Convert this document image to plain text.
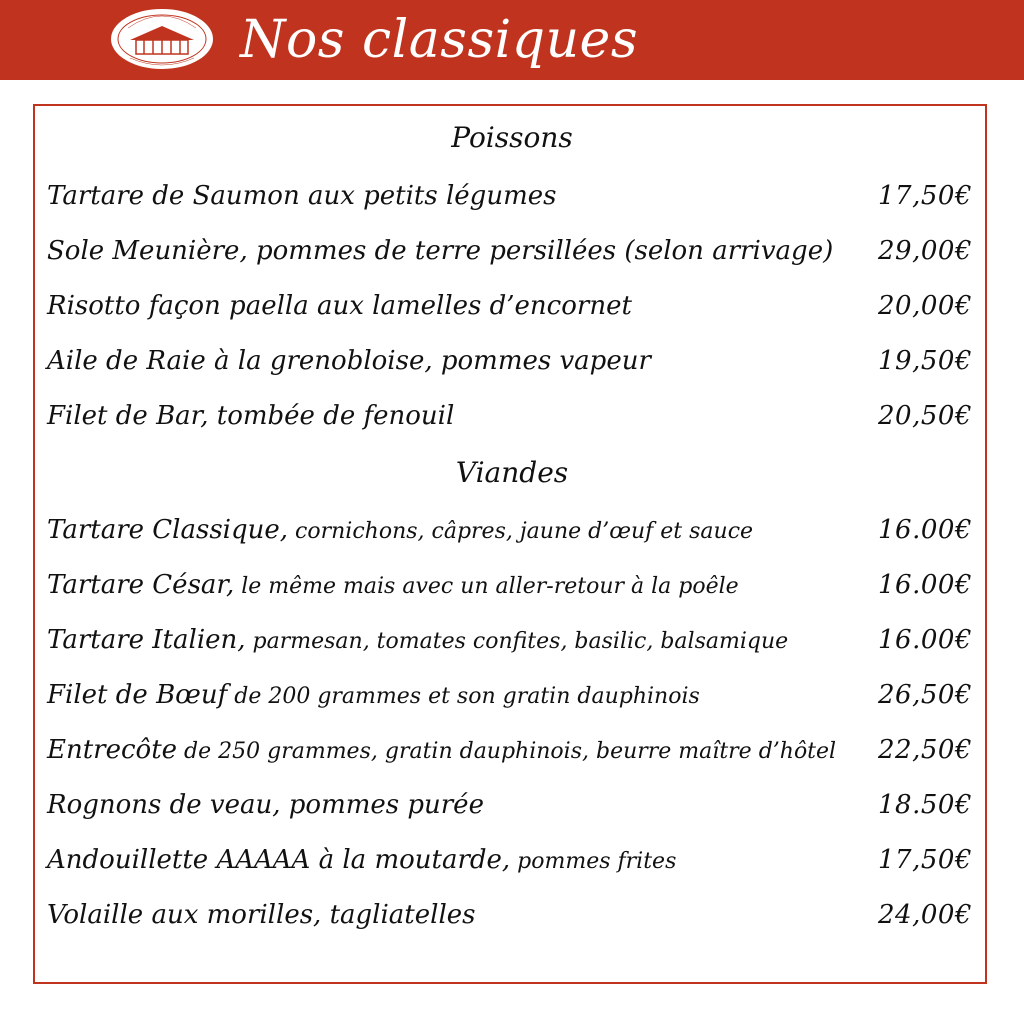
Nos classiques
Poissons
Tartare de Saumon aux petits légumes	17,50€
Sole Meunière, pommes de terre persillées (selon arrivage) 29,00€
Risotto façon paella aux lamelles d’encornet	20,00€
Aile de Raie à la grenobloise, pommes vapeur	19,50€
Filet de Bar, tombée de fenouil	20,50€
Viandes
Tartare Classique, cornichons, câpres, jaune d’œuf et sauce	16.00€
Tartare César, le même mais avec un aller-retour à la poêle	16.00€
Tartare Italien, parmesan, tomates confites, basilic, balsamique	16.00€
Filet de Bœuf de 200 grammes et son gratin dauphinois	26,50€
Entrecôte de 250 grammes, gratin dauphinois, beurre maître d’hôtel 22,50€
Rognons de veau, pommes purée	18.50€
Andouillette AAAAA à la moutarde, pommes frites	17,50€
Volaille aux morilles, tagliatelles	24,00€
